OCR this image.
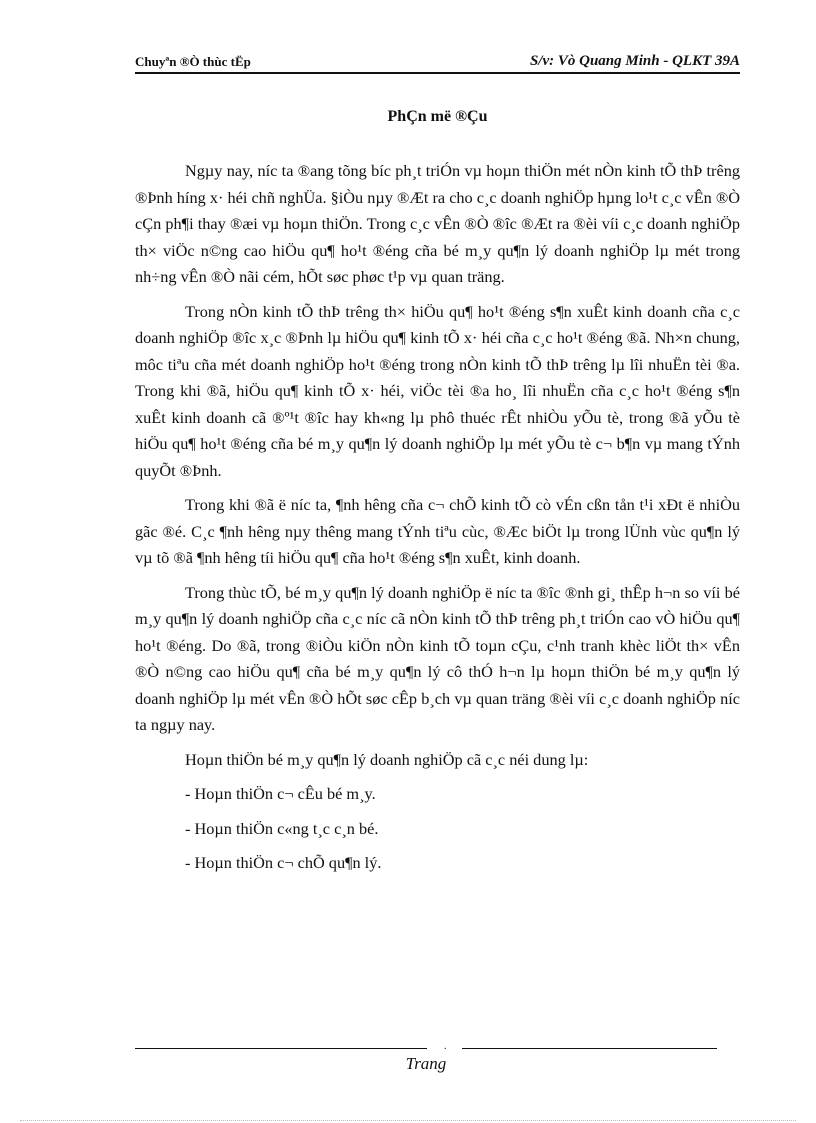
Chuyªn ®Ò thùc tËp	S/v: Vò Quang Minh - QLKT 39A
PhÇn më ®Çu

Ngµy nay, níc ta ®ang tõng bíc ph¸t triÓn vµ hoµn thiÖn mét nÒn kinh tÕ thÞ trêng ®Þnh híng x· héi chñ nghÜa. §iÒu nµy ®Æt ra cho c¸c doanh nghiÖp hµng lo¹t c¸c vÊn ®Ò cÇn ph¶i thay ®æi vµ hoµn thiÖn. Trong c¸c vÊn ®Ò ®îc ®Æt ra ®èi víi c¸c doanh nghiÖp th× viÖc n©ng cao hiÖu qu¶ ho¹t ®éng cña bé m¸y qu¶n lý doanh nghiÖp lµ mét trong nh÷ng vÊn ®Ò nãi cém, hÕt søc phøc t¹p vµ quan träng.

Trong nÒn kinh tÕ thÞ trêng th× hiÖu qu¶ ho¹t ®éng s¶n xuÊt kinh doanh cña c¸c doanh nghiÖp ®îc x¸c ®Þnh lµ hiÖu qu¶ kinh tÕ x· héi cña c¸c ho¹t ®éng ®ã. Nh×n chung, môc tiªu cña mét doanh nghiÖp ho¹t ®éng trong nÒn kinh tÕ thÞ trêng lµ lîi nhuËn tèi ®a. Trong khi ®ã, hiÖu qu¶ kinh tÕ x· héi, viÖc tèi ®a ho¸ lîi nhuËn cña c¸c ho¹t ®éng s¶n xuÊt kinh doanh cã ®º¹t ®îc hay kh«ng lµ phô thuéc rÊt nhiÒu yÕu tè, trong ®ã yÕu tè hiÖu qu¶ ho¹t ®éng cña bé m¸y qu¶n lý doanh nghiÖp lµ mét yÕu tè c¬ b¶n vµ mang tÝnh quyÕt ®Þnh.

Trong khi ®ã ë níc ta, ¶nh hêng cña c¬ chÕ kinh tÕ cò vÉn cßn tån t¹i xÐt ë nhiÒu gãc ®é. C¸c ¶nh hêng nµy thêng mang tÝnh tiªu cùc, ®Æc biÖt lµ trong lÜnh vùc qu¶n lý vµ tõ ®ã ¶nh hêng tíi hiÖu qu¶ cña ho¹t ®éng s¶n xuÊt, kinh doanh.

Trong thùc tÕ, bé m¸y qu¶n lý doanh nghiÖp ë níc ta ®îc ®nh gi¸ thÊp h¬n so víi bé m¸y qu¶n lý doanh nghiÖp cña c¸c níc cã nÒn kinh tÕ thÞ trêng ph¸t triÓn cao vÒ hiÖu qu¶ ho¹t ®éng. Do ®ã, trong ®iÒu kiÖn nÒn kinh tÕ toµn cÇu, c¹nh tranh khèc liÖt th× vÊn ®Ò n©ng cao hiÖu qu¶ cña bé m¸y qu¶n lý cô thÓ h¬n lµ hoµn thiÖn bé m¸y qu¶n lý doanh nghiÖp lµ mét vÊn ®Ò hÕt søc cÊp b¸ch vµ quan träng ®èi víi c¸c doanh nghiÖp níc ta ngµy nay.

Hoµn thiÖn bé m¸y qu¶n lý doanh nghiÖp cã c¸c néi dung lµ:

- Hoµn thiÖn c¬ cÊu bé m¸y.
- Hoµn thiÖn c«ng t¸c c¸n bé.
- Hoµn thiÖn c¬ chÕ qu¶n lý.
.
Trang
